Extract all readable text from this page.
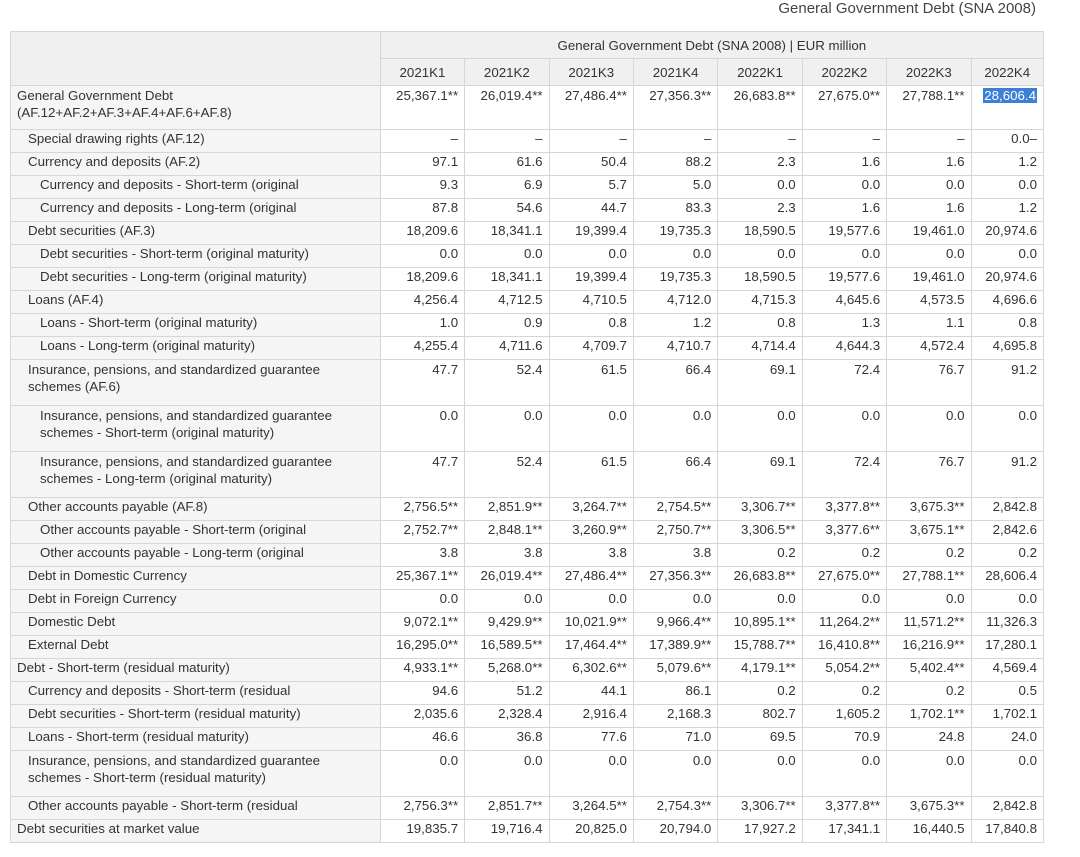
General Government Debt (SNA 2008)
	General Government Debt (SNA 2008) | EUR million							
	2021K1	2021K2	2021K3	2021K4	2022K1	2022K2	2022K3	2022K4
General Government Debt
(AF.12+AF.2+AF.3+AF.4+AF.6+AF.8)	25,367.1**	26,019.4**	27,486.4**	27,356.3**	26,683.8**	27,675.0**	27,788.1**	28,606.4
Special drawing rights (AF.12)	–	–	–	–	–	–	–	0.0–
Currency and deposits (AF.2)	97.1	61.6	50.4	88.2	2.3	1.6	1.6	1.2
Currency and deposits - Short-term (original	9.3	6.9	5.7	5.0	0.0	0.0	0.0	0.0
Currency and deposits - Long-term (original	87.8	54.6	44.7	83.3	2.3	1.6	1.6	1.2
Debt securities (AF.3)	18,209.6	18,341.1	19,399.4	19,735.3	18,590.5	19,577.6	19,461.0	20,974.6
Debt securities - Short-term (original maturity)	0.0	0.0	0.0	0.0	0.0	0.0	0.0	0.0
Debt securities - Long-term (original maturity)	18,209.6	18,341.1	19,399.4	19,735.3	18,590.5	19,577.6	19,461.0	20,974.6
Loans (AF.4)	4,256.4	4,712.5	4,710.5	4,712.0	4,715.3	4,645.6	4,573.5	4,696.6
Loans - Short-term (original maturity)	1.0	0.9	0.8	1.2	0.8	1.3	1.1	0.8
Loans - Long-term (original maturity)	4,255.4	4,711.6	4,709.7	4,710.7	4,714.4	4,644.3	4,572.4	4,695.8
Insurance, pensions, and standardized guarantee schemes (AF.6)	47.7	52.4	61.5	66.4	69.1	72.4	76.7	91.2
Insurance, pensions, and standardized guarantee schemes - Short-term (original maturity)	0.0	0.0	0.0	0.0	0.0	0.0	0.0	0.0
Insurance, pensions, and standardized guarantee schemes - Long-term (original maturity)	47.7	52.4	61.5	66.4	69.1	72.4	76.7	91.2
Other accounts payable (AF.8)	2,756.5**	2,851.9**	3,264.7**	2,754.5**	3,306.7**	3,377.8**	3,675.3**	2,842.8
Other accounts payable - Short-term (original	2,752.7**	2,848.1**	3,260.9**	2,750.7**	3,306.5**	3,377.6**	3,675.1**	2,842.6
Other accounts payable - Long-term (original	3.8	3.8	3.8	3.8	0.2	0.2	0.2	0.2
Debt in Domestic Currency	25,367.1**	26,019.4**	27,486.4**	27,356.3**	26,683.8**	27,675.0**	27,788.1**	28,606.4
Debt in Foreign Currency	0.0	0.0	0.0	0.0	0.0	0.0	0.0	0.0
Domestic Debt	9,072.1**	9,429.9**	10,021.9**	9,966.4**	10,895.1**	11,264.2**	11,571.2**	11,326.3
External Debt	16,295.0**	16,589.5**	17,464.4**	17,389.9**	15,788.7**	16,410.8**	16,216.9**	17,280.1
Debt - Short-term (residual maturity)	4,933.1**	5,268.0**	6,302.6**	5,079.6**	4,179.1**	5,054.2**	5,402.4**	4,569.4
Currency and deposits - Short-term (residual	94.6	51.2	44.1	86.1	0.2	0.2	0.2	0.5
Debt securities - Short-term (residual maturity)	2,035.6	2,328.4	2,916.4	2,168.3	802.7	1,605.2	1,702.1**	1,702.1
Loans - Short-term (residual maturity)	46.6	36.8	77.6	71.0	69.5	70.9	24.8	24.0
Insurance, pensions, and standardized guarantee schemes - Short-term (residual maturity)	0.0	0.0	0.0	0.0	0.0	0.0	0.0	0.0
Other accounts payable - Short-term (residual	2,756.3**	2,851.7**	3,264.5**	2,754.3**	3,306.7**	3,377.8**	3,675.3**	2,842.8
Debt securities at market value	19,835.7	19,716.4	20,825.0	20,794.0	17,927.2	17,341.1	16,440.5	17,840.8
